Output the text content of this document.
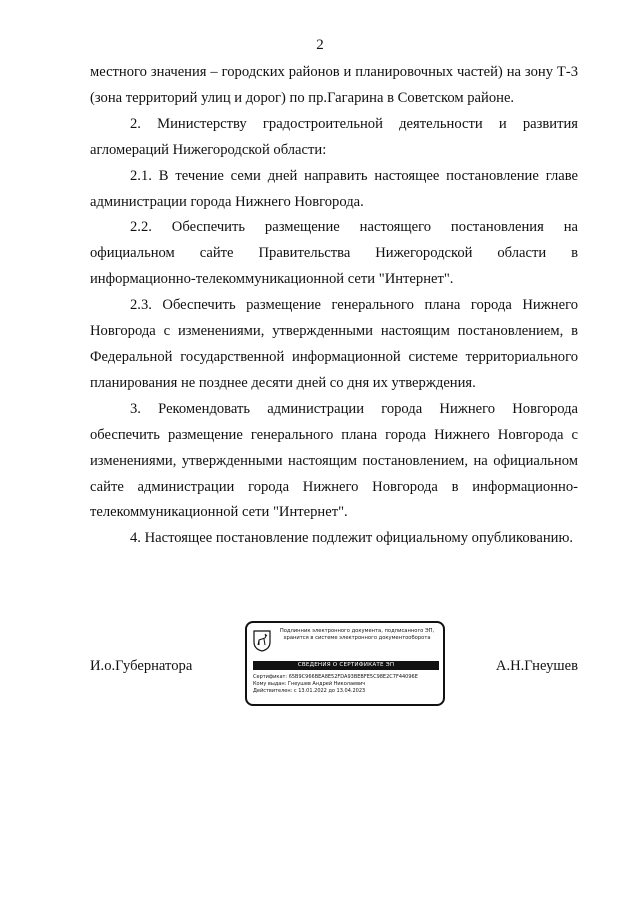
2

местного значения – городских районов и планировочных частей) на зону Т-3 (зона территорий улиц и дорог) по пр.Гагарина в Советском районе.

2. Министерству градостроительной деятельности и развития агломераций Нижегородской области:

2.1. В течение семи дней направить настоящее постановление главе администрации города Нижнего Новгорода.

2.2. Обеспечить размещение настоящего постановления на официальном сайте Правительства Нижегородской области в информационно-телекоммуникационной сети "Интернет".

2.3. Обеспечить размещение генерального плана города Нижнего Новгорода с изменениями, утвержденными настоящим постановлением, в Федеральной государственной информационной системе территориального планирования не позднее десяти дней со дня их утверждения.

3. Рекомендовать администрации города Нижнего Новгорода обеспечить размещение генерального плана города Нижнего Новгорода с изменениями, утвержденными настоящим постановлением, на официальном сайте администрации города Нижнего Новгорода в информационно-телекоммуникационной сети "Интернет".

4. Настоящее постановление подлежит официальному опубликованию.

И.о.Губернатора	А.Н.Гнеушев
Подлинник электронного документа, подписанного ЭП,
хранится в системе электронного документооборота
СВЕДЕНИЯ О СЕРТИФИКАТЕ ЭП
Сертификат: 65B9C966BEA8E52FDA93BEBFE5C98E2C7F44096E
Кому выдан: Гнеушев Андрей Николаевич
Действителен: с 13.01.2022 до 13.04.2023
